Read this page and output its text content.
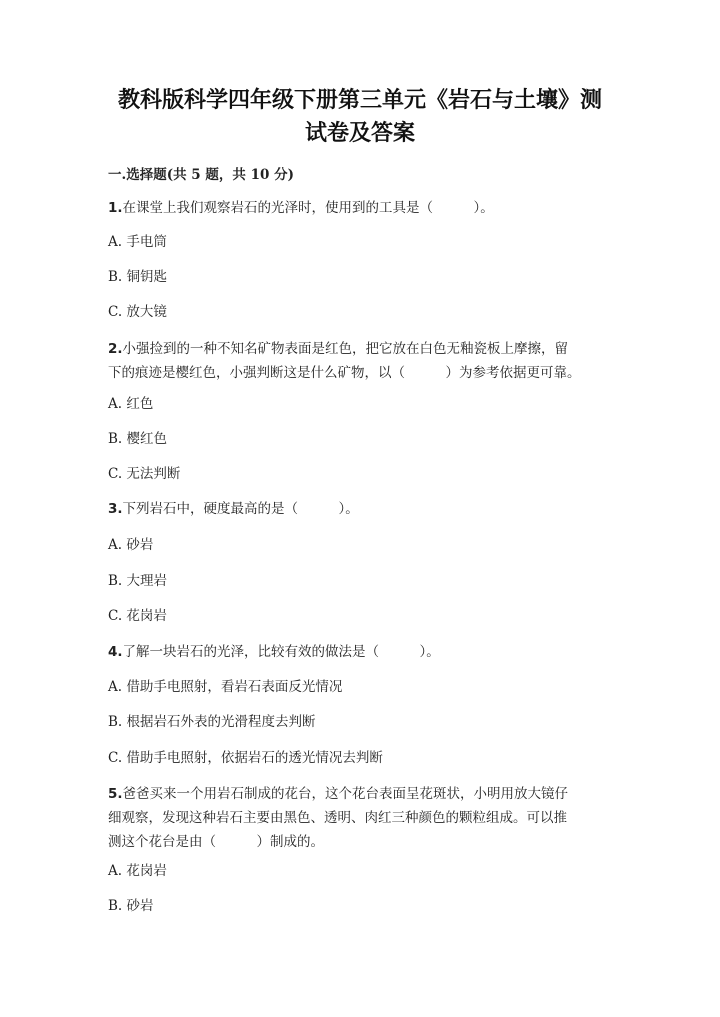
教科版科学四年级下册第三单元《岩石与土壤》测
试卷及答案
一.选择题(共 5 题，共 10 分)
1.在课堂上我们观察岩石的光泽时，使用到的工具是（　　　）。
A. 手电筒
B. 铜钥匙
C. 放大镜
2.小强捡到的一种不知名矿物表面是红色，把它放在白色无釉瓷板上摩擦，留
下的痕迹是樱红色，小强判断这是什么矿物，以（　　　）为参考依据更可靠。
A. 红色
B. 樱红色
C. 无法判断
3.下列岩石中，硬度最高的是（　　　）。
A. 砂岩
B. 大理岩
C. 花岗岩
4.了解一块岩石的光泽，比较有效的做法是（　　　）。
A. 借助手电照射，看岩石表面反光情况
B. 根据岩石外表的光滑程度去判断
C. 借助手电照射，依据岩石的透光情况去判断
5.爸爸买来一个用岩石制成的花台，这个花台表面呈花斑状，小明用放大镜仔
细观察，发现这种岩石主要由黑色、透明、肉红三种颜色的颗粒组成。可以推
测这个花台是由（　　　）制成的。
A. 花岗岩
B. 砂岩
